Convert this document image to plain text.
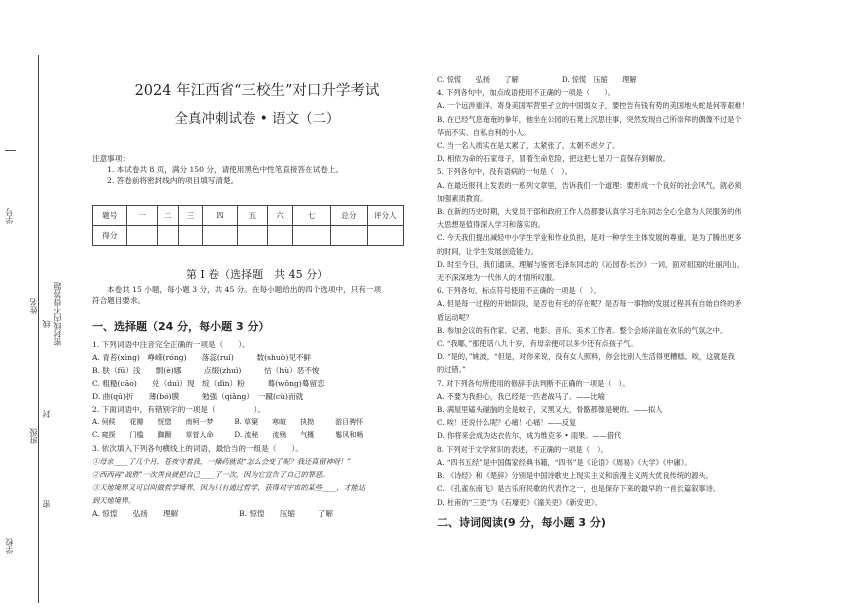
学号
姓名
线 密封线内不得答题
封
班级
密
学校
2024 年江西省“三校生”对口升学考试
全真冲刺试卷 • 语文（二）
注意事项：
1. 本试卷共 8 页，满分 150 分，请使用黑色中性笔直接答在试卷上。
2. 答卷前将密封线内的项目填写清楚。
题号	一	二	三	四	五	六	七	总分	评分人
得分									
第 I 卷（选择题　共 45 分）
本卷共 15 小题，每小题 3 分，共 45 分。在每小题给出的四个选项中，只有一项
符合题目要求。
一、选择题（24 分，每小题 3 分）
1. 下列词语中注音完全正确的一项是（　　）。
A. 青苔(xìng)　峥嵘(róng)　　落蕊(ruǐ)　　　数(shuò)见不鲜
B. 肤（fū）浅　　剽(è)娜　　　点缀(zhuì)　　　怙（hù）恶不悛
C. 粗糙(cāo)　　兑（duì）现　绽（dìn）粉　　　蓦(wǒng)蓦留恋
D. 曲(qū)折　　薄(bó)膜　　　勉强（qiǎng）　一蹴(cù)而就
2. 下面词语中，有错别字的一项是（　　　　　）。
A. 伺候　　花瓣　　恍惚　　南柯一梦　　　B. 草窠　　寒暄　　执拗　　　游目骋怀
C. 窥探　　门槛　　踟蹰　　草菅人命　　　D. 流秘　　流殇　　气概　　　鬈风和畅
3. 依次填入下列各句横线上的词语，最恰当的一组是（　　）。
①母亲____了几个月，苍夜守着我，一操药就说“怎么会变了呢？我还真留神呀！”
②西西再“战胜”一次善良就把自己____了一次，因为它宣告了自己的罪恶。
③天地境界又可以叫做哲学境界，因为只有通过哲学，获得对宇宙的某些____，才能达
到天地境界。
A. 惊惶　　弘扬　　理解	B. 惊惶　　压缩　　　了解
C. 惊慌　　弘扬　　了解　　　　　　D. 惊慌　压缩　　理解
4. 下列各句中，加点成语使用不正确的一项是（　　）。
A. 一个远涉重洋、寄身美国军营里孑立的中国弱女子，要控告有钱有势的美国地头蛇是何等艰难！
B. 在已经气息奄奄的拳年，他坐在公园的石凳上沉思往事，突然发现自己所崇拜的偶像不过是个
华而不实、自私自利的小人。
C. 当一名人质实在是太累了，太紧张了，太朝不虑夕了。
D. 相依为命的石家母子，冒着生命危险，把这把七星刀一直保存到解放。
5. 下列各句中，没有语病的一句是（　）。
A. 在最近报刊上发表的一系列文章里，告诉我们一个道理：要形成一个良好的社会风气，就必须
加强素质教育。
B. 在新的历史时期，大党员干部和政府工作人员都要认真学习毛东同志全心全意为人民服务的伟
大思想是值得深入学习和落实的。
C. 今天我们提出减轻中小学生学业和作业负担，是对一种学生主体发展的尊重，是为了腾出更多
的时间，让学生发展创造能力。
D. 时至今日，我们通读、理解与鉴赏毛泽东同志的《沁园春·长沙》一词，面对祖国的壮丽河山，
无不深深地为一代伟人的才情所叹服。
6. 下列各句，标点符号使用不正确的一项是（　）。
A. 但是每一过程的开始阶段，是否也有毛的存在呢？是否每一事物的发展过程具有自始自终的矛
盾运动呢？
B. 参加会议的有作家、记者、电影、音乐、美术工作者。整个会场洋溢在欢乐的气氛之中。
C. “我哪，”那使话八九十岁，有母亲便可以多少还有点孩子气。
D. “是的，”姚波，“但是，对你来说，没有女人照料，你会比别人生活得更糟糕。唉，这就是我
的过错。”
7. 对下列各句所使用的修辞手法判断不正确的一项是（　）。
A. 不要为我担心，我已经是一匹老战马了。——比喻
B. 满屋里磕头碰脑的全是蚊子，又黑又大，骨骼都像是硬的。——拟人
C. 唉！还说什么呢？心痛！心痛！——反复
D. 你将来会成为达衣佐尔，成为维克多 • 雨果。——借代
8. 下列对于文学常识的表述，不正确的一项是（　）。
A. “四书五经”是中国儒家经典书籍，“四书”是《论语》《周易》《大学》《中庸》。
B. 《诗经》和《楚辞》分别是中国诗歌史上现实主义和浪漫主义两大优良传统的源头。
C. 《孔雀东南飞》是古乐府民歌的代表作之一，也是保存下来的最早的一首长篇叙事诗。
D. 杜甫的“三吏”为《石壕吏》《潼关吏》《新安吏》。
二、诗词阅读(9 分，每小题 3 分)
